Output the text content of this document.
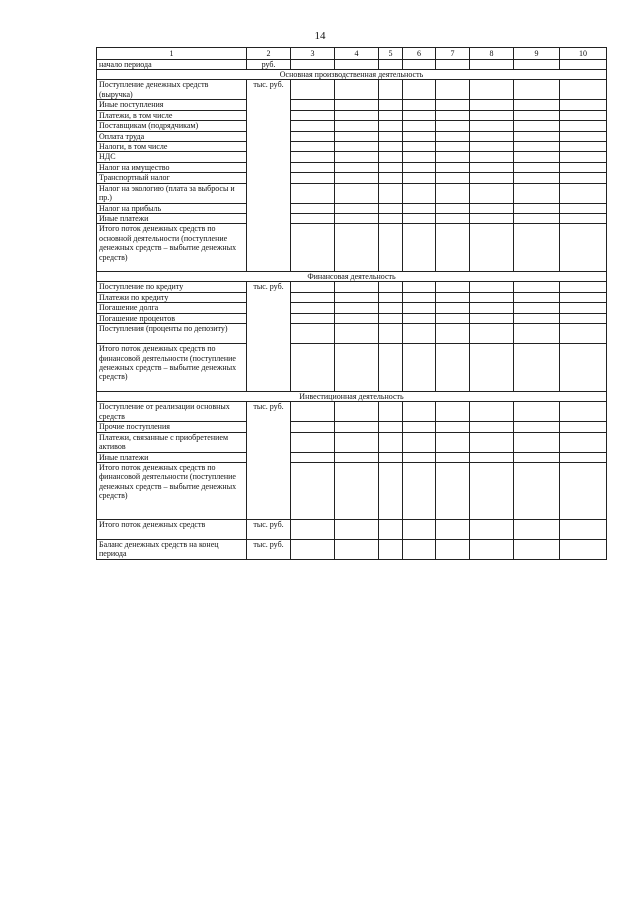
14
1	2	3	4	5	6	7	8	9	10
начало периода	руб.								
Основная производственная деятельность									
Поступление денежных средств (выручка)	тыс. руб.								
Иные поступления									
Платежи, в том числе									
Поставщикам (подрядчикам)									
Оплата труда									
Налоги, в том числе									
НДС									
Налог на имущество									
Транспортный налог									
Налог на экологию (плата за выбросы и пр.)									
Налог на прибыль									
Иные платежи									
Итого поток денежных средств по основной деятельности (поступление денежных средств – выбытие денежных средств)									
Финансовая деятельность									
Поступление по кредиту	тыс. руб.								
Платежи по кредиту									
Погашение долга									
Погашение процентов									
Поступления (проценты по депозиту)									
Итого поток денежных средств по финансовой деятельности (поступление денежных средств – выбытие денежных средств)									
Инвестиционная деятельность									
Поступление от реализации основных средств	тыс. руб.								
Прочие поступления									
Платежи, связанные с приобретением активов									
Иные платежи									
Итого поток денежных средств по финансовой деятельности (поступление денежных средств – выбытие денежных средств)									
Итого поток денежных средств	тыс. руб.								
Баланс денежных средств на конец периода	тыс. руб.								
